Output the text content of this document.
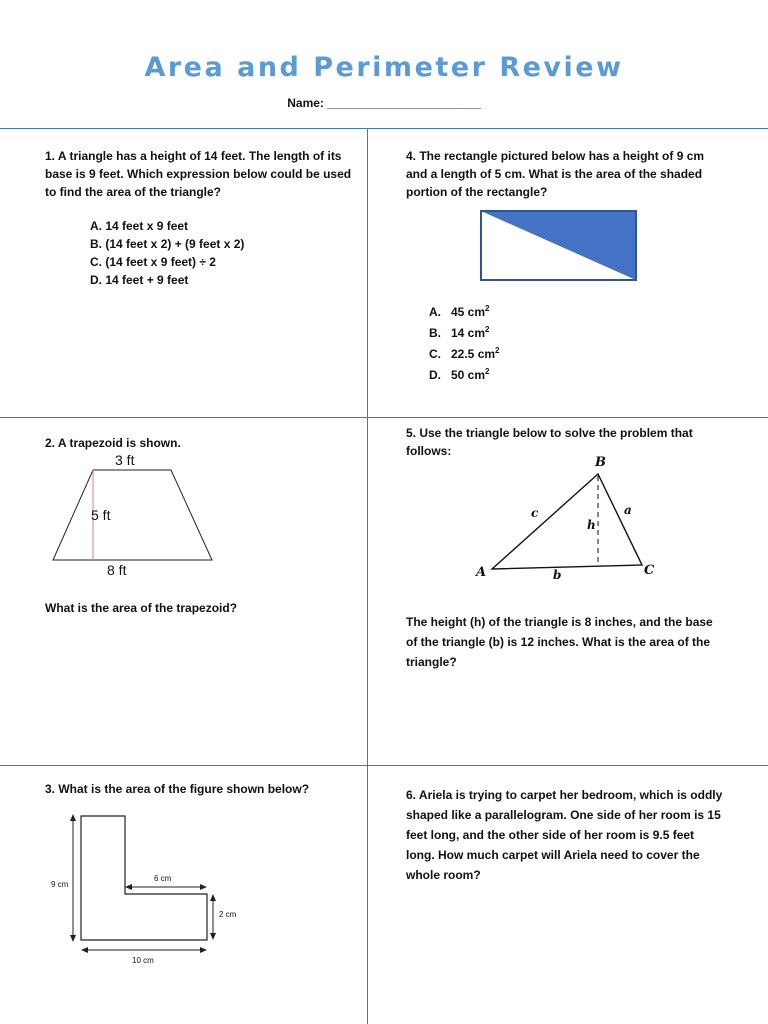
Area and Perimeter Review
Name: _______________________
1. A triangle has a height of 14 feet. The length of its base is 9 feet. Which expression below could be used to find the area of the triangle?
A. 14 feet x 9 feet
B. (14 feet x 2) + (9 feet x 2)
C. (14 feet x 9 feet) ÷ 2
D. 14 feet + 9 feet
2. A trapezoid is shown.
3 ft
5 ft
8 ft
What is the area of the trapezoid?
3. What is the area of the figure shown below?
9 cm
6 cm
2 cm
10 cm
4. The rectangle pictured below has a height of 9 cm and a length of 5 cm. What is the area of the shaded portion of the rectangle?
A. 45 $cm^2$
B. 14 $cm^2$
C. 22.5 $cm^2$
D. 50 $cm^2$
5. Use the triangle below to solve the problem that follows:
B
A	C
c	a
b
h
The height (h) of the triangle is 8 inches, and the base of the triangle (b) is 12 inches. What is the area of the triangle?
6. Ariela is trying to carpet her bedroom, which is oddly shaped like a parallelogram. One side of her room is 15 feet long, and the other side of her room is 9.5 feet long. How much carpet will Ariela need to cover the whole room?
